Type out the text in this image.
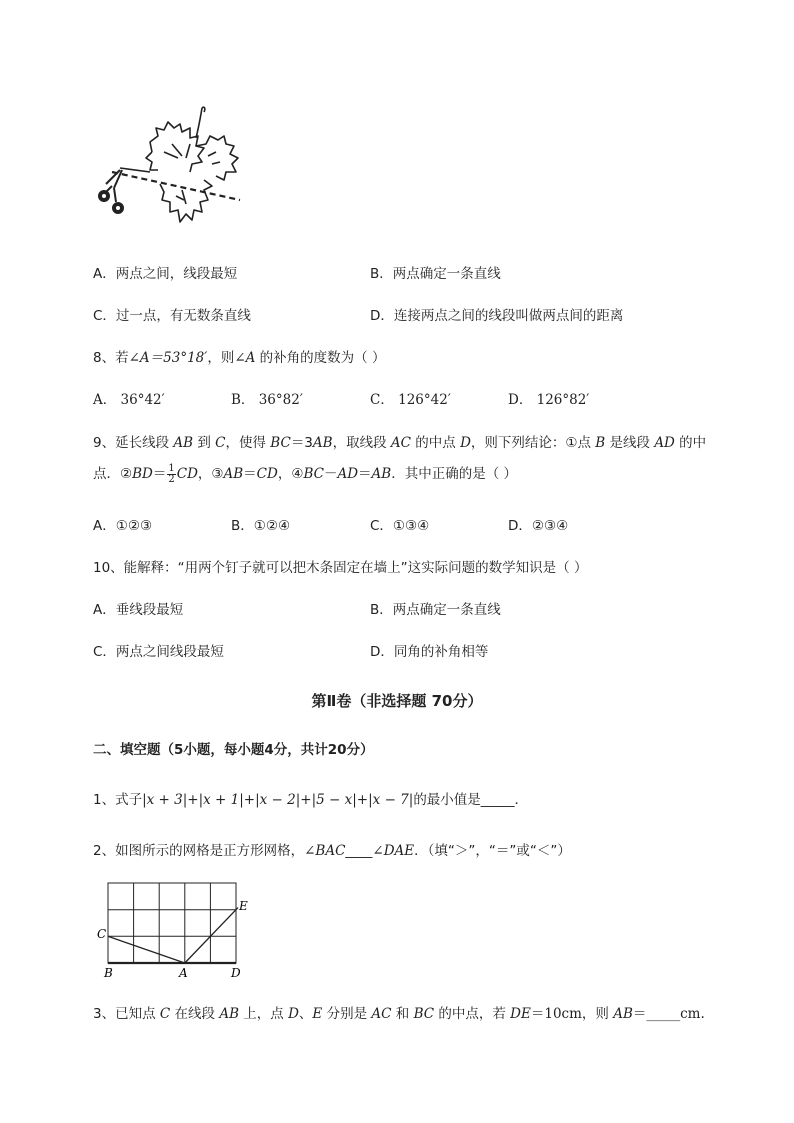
A．两点之间，线段最短	B．两点确定一条直线
C．过一点，有无数条直线	D．连接两点之间的线段叫做两点间的距离
8、若∠A＝53°18′，则∠A 的补角的度数为（ ）
A． 36°42′	B． 36°82′	C． 126°42′	D． 126°82′
9、延长线段 AB 到 C，使得 BC＝3AB，取线段 AC 的中点 D，则下列结论：①点 B 是线段 AD 的中
点．②BD＝ $\frac{1}{2}$ CD，③AB＝CD，④BC－AD＝AB．其中正确的是（ ）
A．①②③	B．①②④	C．①③④	D．②③④
10、能解释：“用两个钉子就可以把木条固定在墙上”这实际问题的数学知识是（ ）
A．垂线段最短	B．两点确定一条直线
C．两点之间线段最短	D．同角的补角相等
第Ⅱ卷（非选择题 70分）
二、填空题（5小题，每小题4分，共计20分）
1、式子|x + 3|+|x + 1|+|x − 2|+|5 − x|+|x − 7|的最小值是_____．
2、如图所示的网格是正方形网格，∠BAC____∠DAE．（填“＞”，“＝”或“＜”）
C
E
B	A	D
3、已知点 C 在线段 AB 上，点 D、E 分别是 AC 和 BC 的中点，若 DE＝10cm，则 AB＝_____cm.
